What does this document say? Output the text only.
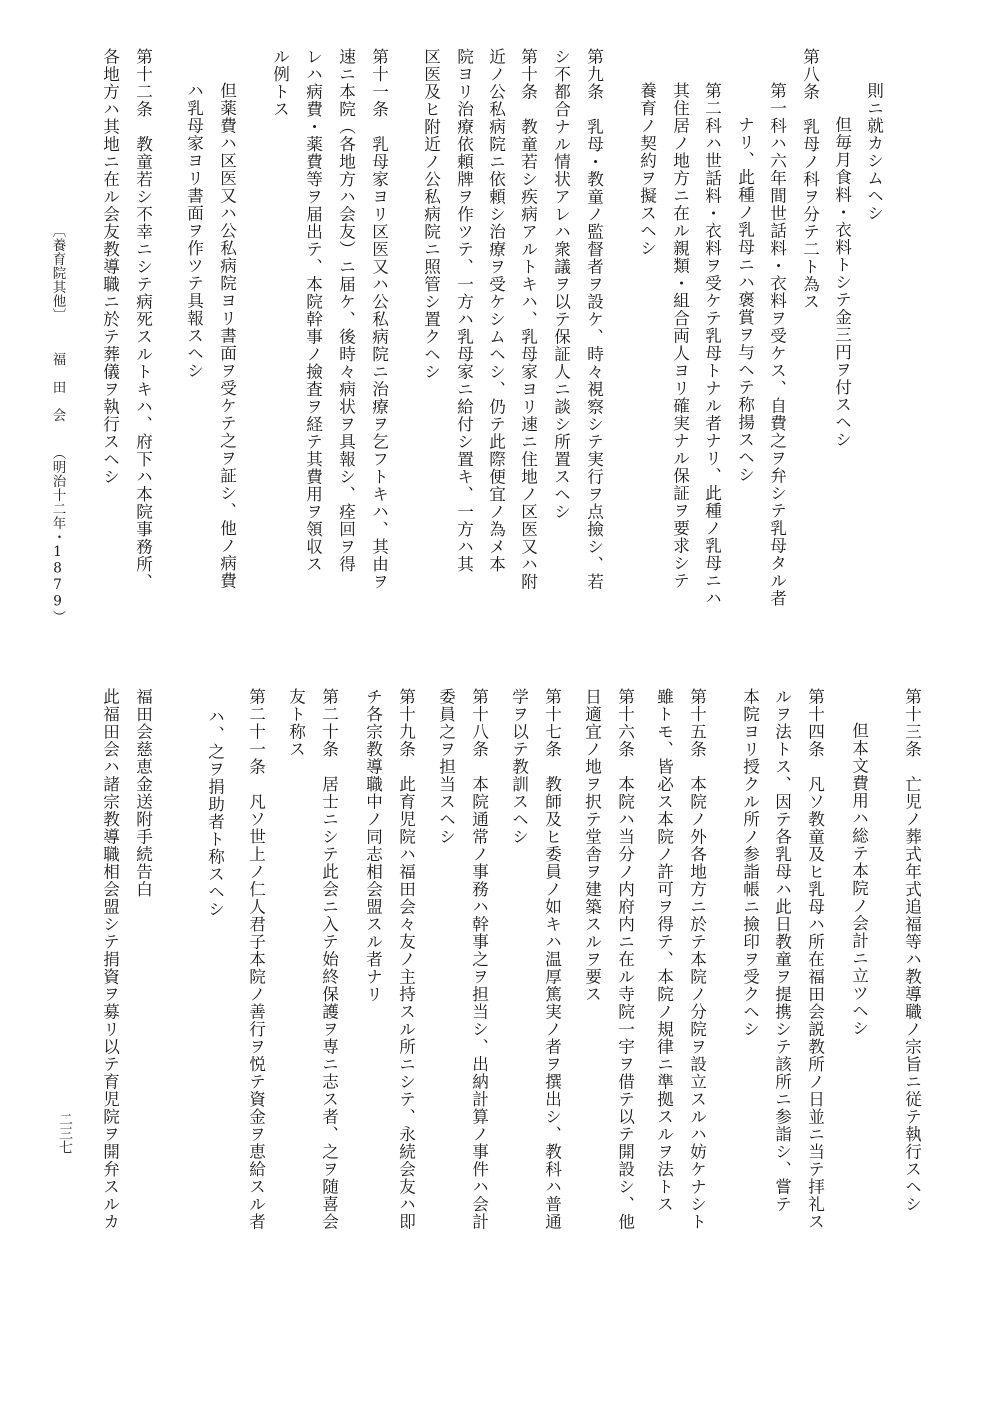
則ニ就カシムヘシ
但毎月食料・衣料トシテ金三円ヲ付スヘシ
第八条　乳母ノ科ヲ分テ二ト為ス
第一科ハ六年間世話料・衣料ヲ受ケス、自費之ヲ弁シテ乳母タル者
ナリ、此種ノ乳母ニハ褒賞ヲ与ヘテ称揚スヘシ
第二科ハ世話料・衣料ヲ受ケテ乳母トナル者ナリ、此種ノ乳母ニハ
其住居ノ地方ニ在ル親類・組合両人ヨリ確実ナル保証ヲ要求シテ
養育ノ契約ヲ擬スヘシ
第九条　乳母・教童ノ監督者ヲ設ケ、時々視察シテ実行ヲ点撿シ、若
シ不都合ナル情状アレハ衆議ヲ以テ保証人ニ談シ所置スヘシ
第十条　教童若シ疾病アルトキハ、乳母家ヨリ速ニ住地ノ区医又ハ附
近ノ公私病院ニ依頼シ治療ヲ受ケシムヘシ、仍テ此際便宜ノ為メ本
院ヨリ治療依頼牌ヲ作ツテ、一方ハ乳母家ニ給付シ置キ、一方ハ其
区医及ヒ附近ノ公私病院ニ照管シ置クヘシ
第十一条　乳母家ヨリ区医又ハ公私病院ニ治療ヲ乞フトキハ、其由ヲ
速ニ本院（各地方ハ会友）ニ届ケ、後時々病状ヲ具報シ、痊回ヲ得
レハ病費・薬費等ヲ届出テ、本院幹事ノ撿査ヲ経テ其費用ヲ領収ス
ル例トス
但薬費ハ区医又ハ公私病院ヨリ書面ヲ受ケテ之ヲ証シ、他ノ病費
ハ乳母家ヨリ書面ヲ作ツテ具報スヘシ
第十二条　教童若シ不幸ニシテ病死スルトキハ、府下ハ本院事務所、
各地方ハ其地ニ在ル会友教導職ニ於テ葬儀ヲ執行スヘシ
第十三条　亡児ノ葬式年式追福等ハ教導職ノ宗旨ニ従テ執行スヘシ
但本文費用ハ総テ本院ノ会計ニ立ツヘシ
第十四条　凡ソ教童及ヒ乳母ハ所在福田会説教所ノ日並ニ当テ拝礼ス
ルヲ法トス、因テ各乳母ハ此日教童ヲ提携シテ該所ニ参詣シ、嘗テ
本院ヨリ授クル所ノ参詣帳ニ撿印ヲ受クヘシ
第十五条　本院ノ外各地方ニ於テ本院ノ分院ヲ設立スルハ妨ケナシト
雖トモ、皆必ス本院ノ許可ヲ得テ、本院ノ規律ニ準拠スルヲ法トス
第十六条　本院ハ当分ノ内府内ニ在ル寺院一宇ヲ借テ以テ開設シ、他
日適宜ノ地ヲ択テ堂舎ヲ建築スルヲ要ス
第十七条　教師及ヒ委員ノ如キハ温厚篤実ノ者ヲ撰出シ、教科ハ普通
学ヲ以テ教訓スヘシ
第十八条　本院通常ノ事務ハ幹事之ヲ担当シ、出納計算ノ事件ハ会計
委員之ヲ担当スヘシ
第十九条　此育児院ハ福田会々友ノ主持スル所ニシテ、永続会友ハ即
チ各宗教導職中ノ同志相会盟スル者ナリ
第二十条　居士ニシテ此会ニ入テ始終保護ヲ専ニ志ス者、之ヲ随喜会
友ト称ス
第二十一条　凡ソ世上ノ仁人君子本院ノ善行ヲ悦テ資金ヲ恵給スル者
ハ、之ヲ捐助者ト称スヘシ
福田会慈恵金送附手続告白
此福田会ハ諸宗教導職相会盟シテ捐資ヲ募リ以テ育児院ヲ開弁スルカ
〔養育院其他〕福　田　会（明治十二年・1879）
二三七
